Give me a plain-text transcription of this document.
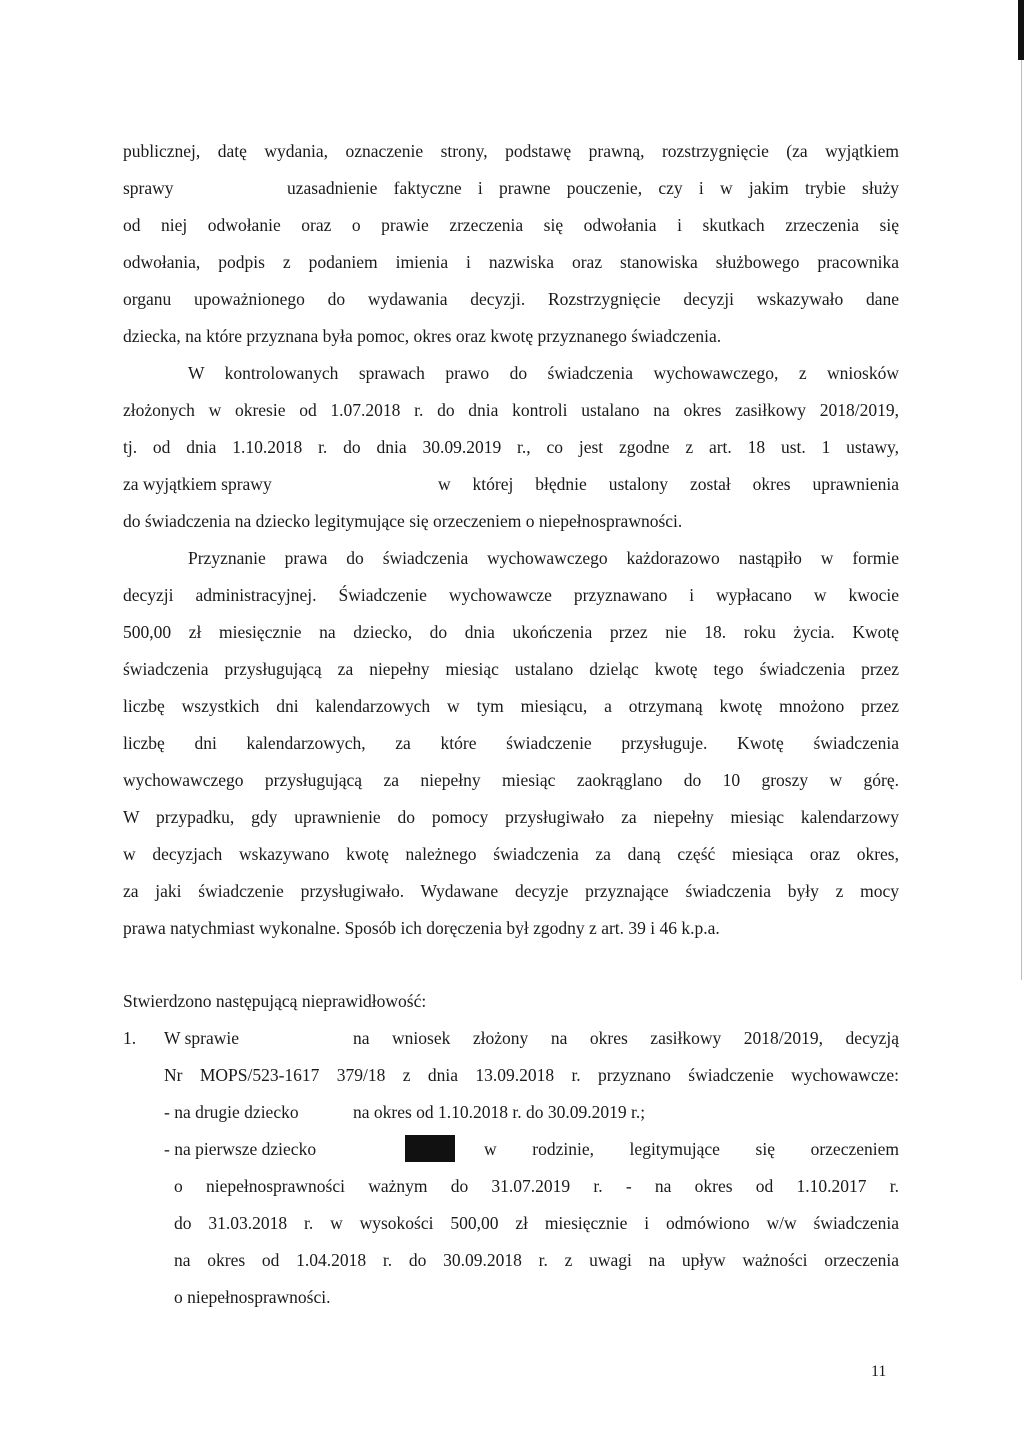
publicznej, datę wydania, oznaczenie strony, podstawę prawną, rozstrzygnięcie (za wyjątkiem
sprawy	uzasadnienie faktyczne i prawne pouczenie, czy i w jakim trybie służy
od niej odwołanie oraz o prawie zrzeczenia się odwołania i skutkach zrzeczenia się
odwołania, podpis z podaniem imienia i nazwiska oraz stanowiska służbowego pracownika
organu upoważnionego do wydawania decyzji. Rozstrzygnięcie decyzji wskazywało dane
dziecka, na które przyznana była pomoc, okres oraz kwotę przyznanego świadczenia.
W kontrolowanych sprawach prawo do świadczenia wychowawczego, z wniosków
złożonych w okresie od 1.07.2018 r. do dnia kontroli ustalano na okres zasiłkowy 2018/2019,
tj. od dnia 1.10.2018 r. do dnia 30.09.2019 r., co jest zgodne z art. 18 ust. 1 ustawy,
za wyjątkiem sprawy	w której błędnie ustalony został okres uprawnienia
do świadczenia na dziecko legitymujące się orzeczeniem o niepełnosprawności.
Przyznanie prawa do świadczenia wychowawczego każdorazowo nastąpiło w formie
decyzji administracyjnej. Świadczenie wychowawcze przyznawano i wypłacano w kwocie
500,00 zł miesięcznie na dziecko, do dnia ukończenia przez nie 18. roku życia. Kwotę
świadczenia przysługującą za niepełny miesiąc ustalano dzieląc kwotę tego świadczenia przez
liczbę wszystkich dni kalendarzowych w tym miesiącu, a otrzymaną kwotę mnożono przez
liczbę dni kalendarzowych, za które świadczenie przysługuje. Kwotę świadczenia
wychowawczego przysługującą za niepełny miesiąc zaokrąglano do 10 groszy w górę.
W przypadku, gdy uprawnienie do pomocy przysługiwało za niepełny miesiąc kalendarzowy
w decyzjach wskazywano kwotę należnego świadczenia za daną część miesiąca oraz okres,
za jaki świadczenie przysługiwało. Wydawane decyzje przyznające świadczenia były z mocy
prawa natychmiast wykonalne. Sposób ich doręczenia był zgodny z art. 39 i 46 k.p.a.
Stwierdzono następującą nieprawidłowość:
1. W sprawie	na wniosek złożony na okres zasiłkowy 2018/2019, decyzją
Nr MOPS/523-1617 379/18 z dnia 13.09.2018 r. przyznano świadczenie wychowawcze:
- na drugie dziecko	na okres od 1.10.2018 r. do 30.09.2019 r.;
- na pierwsze dziecko	w rodzinie, legitymujące się orzeczeniem
o niepełnosprawności ważnym do 31.07.2019 r. - na okres od 1.10.2017 r.
do 31.03.2018 r. w wysokości 500,00 zł miesięcznie i odmówiono w/w świadczenia
na okres od 1.04.2018 r. do 30.09.2018 r. z uwagi na upływ ważności orzeczenia
o niepełnosprawności.
11
